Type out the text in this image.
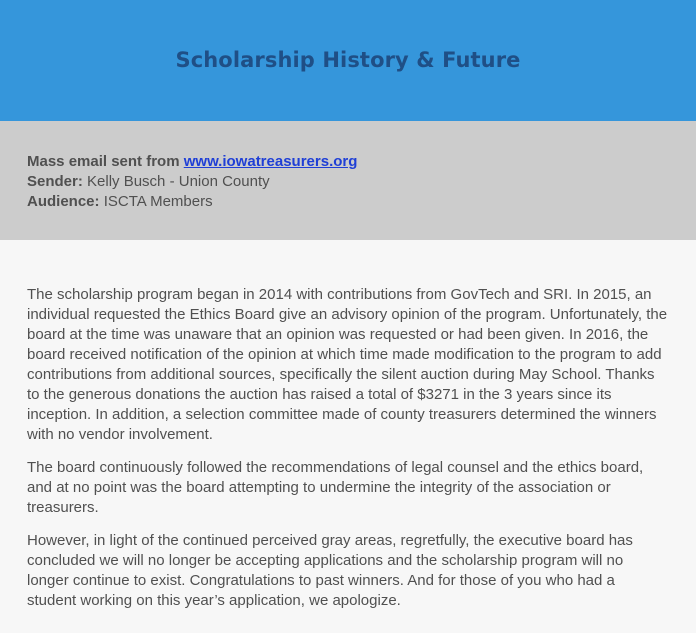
Scholarship History & Future
Mass email sent from www.iowatreasurers.org
Sender: Kelly Busch - Union County
Audience: ISCTA Members

The scholarship program began in 2014 with contributions from GovTech and SRI. In 2015, an individual requested the Ethics Board give an advisory opinion of the program. Unfortunately, the board at the time was unaware that an opinion was requested or had been given. In 2016, the board received notification of the opinion at which time made modification to the program to add contributions from additional sources, specifically the silent auction during May School. Thanks to the generous donations the auction has raised a total of $3271 in the 3 years since its inception. In addition, a selection committee made of county treasurers determined the winners with no vendor involvement.

The board continuously followed the recommendations of legal counsel and the ethics board, and at no point was the board attempting to undermine the integrity of the association or treasurers.

However, in light of the continued perceived gray areas, regretfully, the executive board has concluded we will no longer be accepting applications and the scholarship program will no longer continue to exist. Congratulations to past winners. And for those of you who had a student working on this year’s application, we apologize.
